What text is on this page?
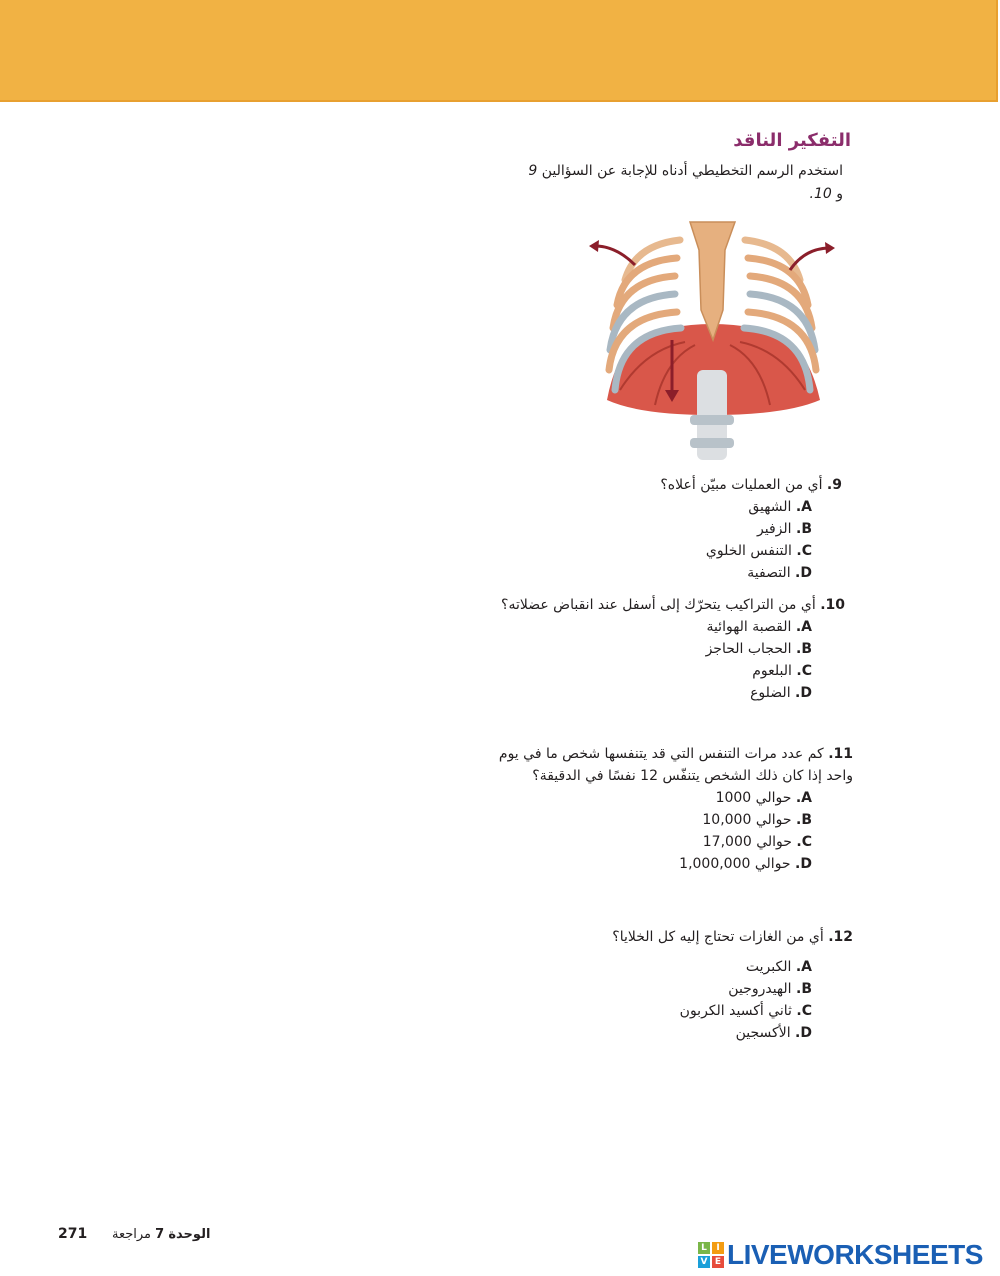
التفكير الناقد
استخدم الرسم التخطيطي أدناه للإجابة عن السؤالين 9
و 10.
9. أي من العمليات مبيّن أعلاه؟
A. الشهيق
B. الزفير
C. التنفس الخلوي
D. التصفية
10. أي من التراكيب يتحرّك إلى أسفل عند انقباض عضلاته؟
A. القصبة الهوائية
B. الحجاب الحاجز
C. البلعوم
D. الضلوع
11. كم عدد مرات التنفس التي قد يتنفسها شخص ما في يوم واحد إذا كان ذلك الشخص يتنفّس 12 نفسًا في الدقيقة؟
A. حوالي 1000
B. حوالي 10,000
C. حوالي 17,000
D. حوالي 1,000,000
12. أي من الغازات تحتاج إليه كل الخلايا؟
A. الكبريت
B. الهيدروجين
C. ثاني أكسيد الكربون
D. الأكسجين
271	الوحدة 7 مراجعة
L	I
V E LIVEWORKSHEETS
